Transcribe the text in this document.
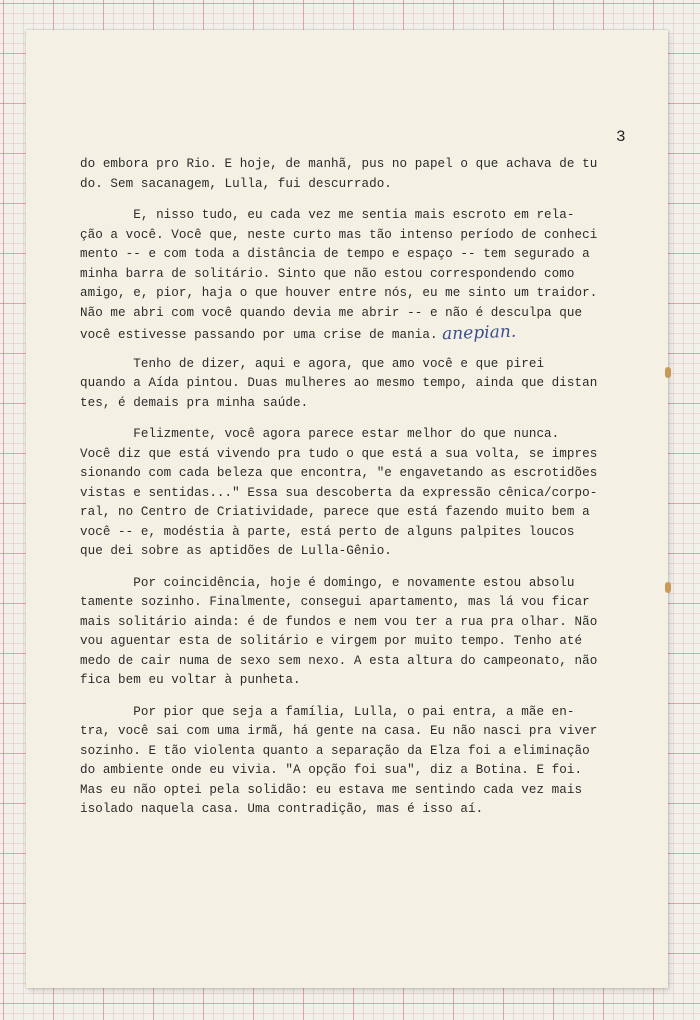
3

do embora pro Rio. E hoje, de manhã, pus no papel o que achava de tu
do. Sem sacanagem, Lulla, fui descurrado.

E, nisso tudo, eu cada vez me sentia mais escroto em rela-
ção a você. Você que, neste curto mas tão intenso período de conheci
mento -- e com toda a distância de tempo e espaço -- tem segurado a
minha barra de solitário. Sinto que não estou correspondendo como
amigo, e, pior, haja o que houver entre nós, eu me sinto um traidor.
Não me abri com você quando devia me abrir -- e não é desculpa que
você estivesse passando por uma crise de mania. anepian.

Tenho de dizer, aqui e agora, que amo você e que pirei
quando a Aída pintou. Duas mulheres ao mesmo tempo, ainda que distan
tes, é demais pra minha saúde.

Felizmente, você agora parece estar melhor do que nunca.
Você diz que está vivendo pra tudo o que está a sua volta, se impres
sionando com cada beleza que encontra, "e engavetando as escrotidões
vistas e sentidas..." Essa sua descoberta da expressão cênica/corpo-
ral, no Centro de Criatividade, parece que está fazendo muito bem a
você -- e, modéstia à parte, está perto de alguns palpites loucos
que dei sobre as aptidões de Lulla-Gênio.

Por coincidência, hoje é domingo, e novamente estou absolu
tamente sozinho. Finalmente, consegui apartamento, mas lá vou ficar
mais solitário ainda: é de fundos e nem vou ter a rua pra olhar. Não
vou aguentar esta de solitário e virgem por muito tempo. Tenho até
medo de cair numa de sexo sem nexo. A esta altura do campeonato, não
fica bem eu voltar à punheta.

Por pior que seja a família, Lulla, o pai entra, a mãe en-
tra, você sai com uma irmã, há gente na casa. Eu não nasci pra viver
sozinho. E tão violenta quanto a separação da Elza foi a eliminação
do ambiente onde eu vivia. "A opção foi sua", diz a Botina. E foi.
Mas eu não optei pela solidão: eu estava me sentindo cada vez mais
isolado naquela casa. Uma contradição, mas é isso aí.
